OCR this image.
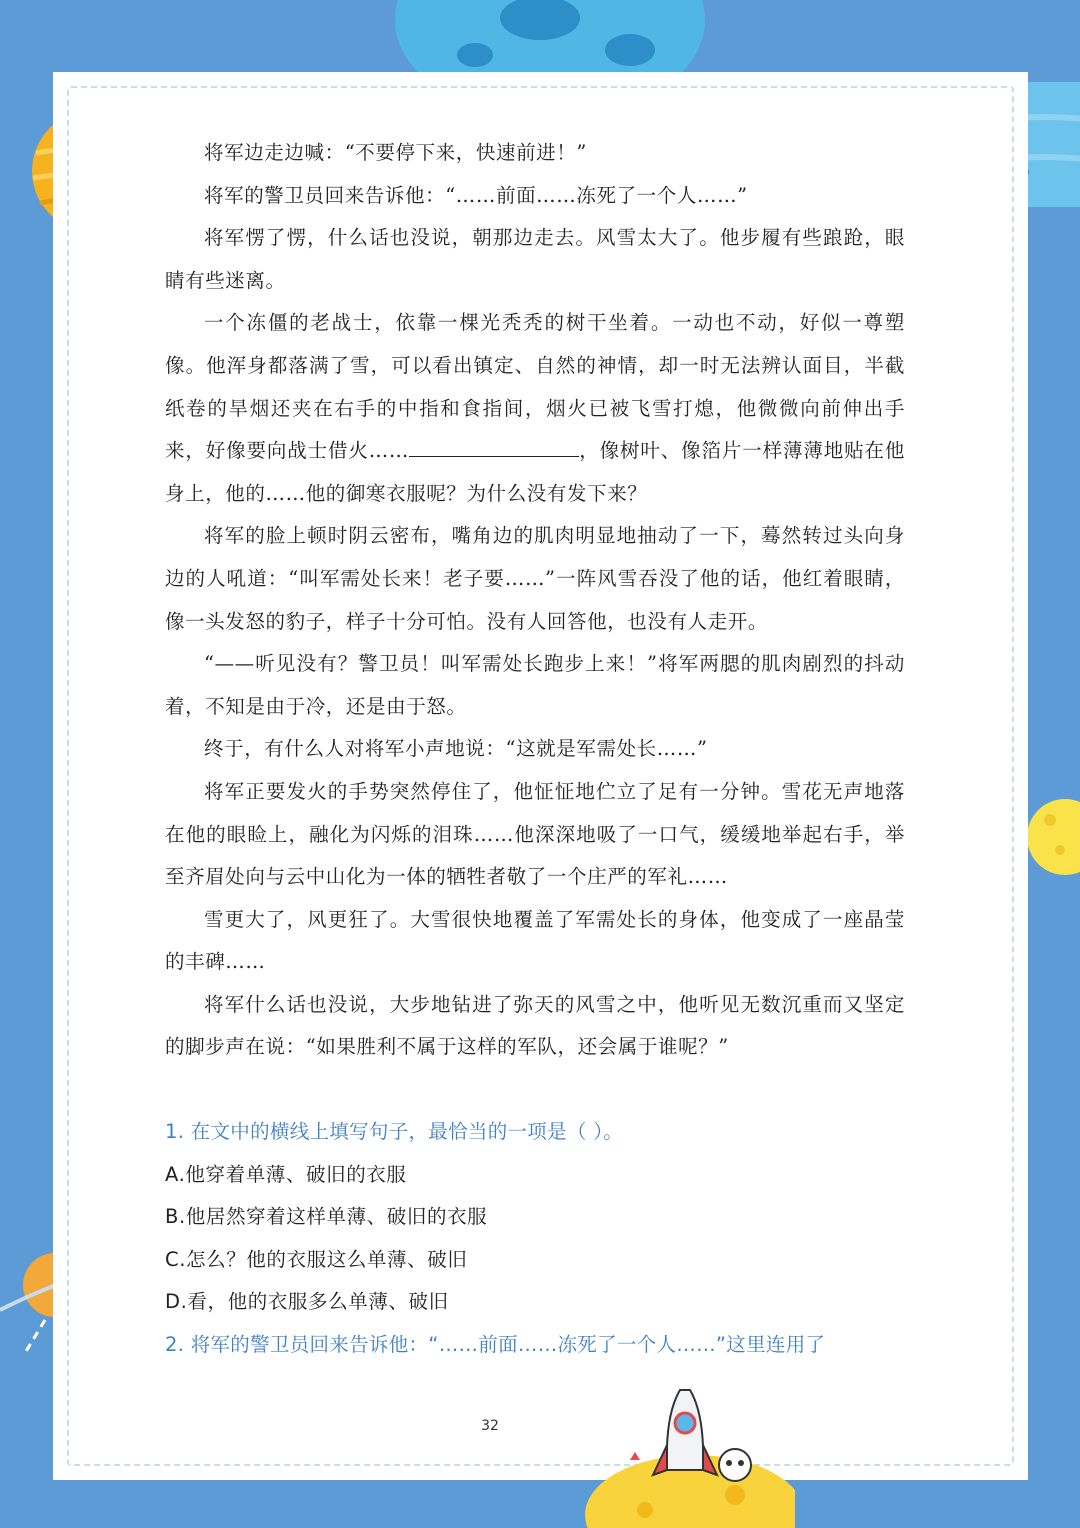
将军边走边喊：“不要停下来，快速前进！”

将军的警卫员回来告诉他：“……前面……冻死了一个人……”

将军愣了愣，什么话也没说，朝那边走去。风雪太大了。他步履有些踉跄，眼睛有些迷离。

一个冻僵的老战士，依靠一棵光秃秃的树干坐着。一动也不动，好似一尊塑像。他浑身都落满了雪，可以看出镇定、自然的神情，却一时无法辨认面目，半截纸卷的旱烟还夹在右手的中指和食指间，烟火已被飞雪打熄，他微微向前伸出手来，好像要向战士借火……	，像树叶、像箔片一样薄薄地贴在他身上，他的……他的御寒衣服呢？为什么没有发下来？

将军的脸上顿时阴云密布，嘴角边的肌肉明显地抽动了一下，蓦然转过头向身边的人吼道：“叫军需处长来！老子要……”一阵风雪吞没了他的话，他红着眼睛，像一头发怒的豹子，样子十分可怕。没有人回答他，也没有人走开。

“——听见没有？警卫员！叫军需处长跑步上来！”将军两腮的肌肉剧烈的抖动着，不知是由于冷，还是由于怒。

终于，有什么人对将军小声地说：“这就是军需处长……”

将军正要发火的手势突然停住了，他怔怔地伫立了足有一分钟。雪花无声地落在他的眼睑上，融化为闪烁的泪珠……他深深地吸了一口气，缓缓地举起右手，举至齐眉处向与云中山化为一体的牺牲者敬了一个庄严的军礼……

雪更大了，风更狂了。大雪很快地覆盖了军需处长的身体，他变成了一座晶莹的丰碑……

将军什么话也没说，大步地钻进了弥天的风雪之中，他听见无数沉重而又坚定的脚步声在说：“如果胜利不属于这样的军队，还会属于谁呢？”

1. 在文中的横线上填写句子，最恰当的一项是（ ）。

A.他穿着单薄、破旧的衣服

B.他居然穿着这样单薄、破旧的衣服

C.怎么？他的衣服这么单薄、破旧

D.看，他的衣服多么单薄、破旧

2. 将军的警卫员回来告诉他：“……前面……冻死了一个人……”这里连用了

32
